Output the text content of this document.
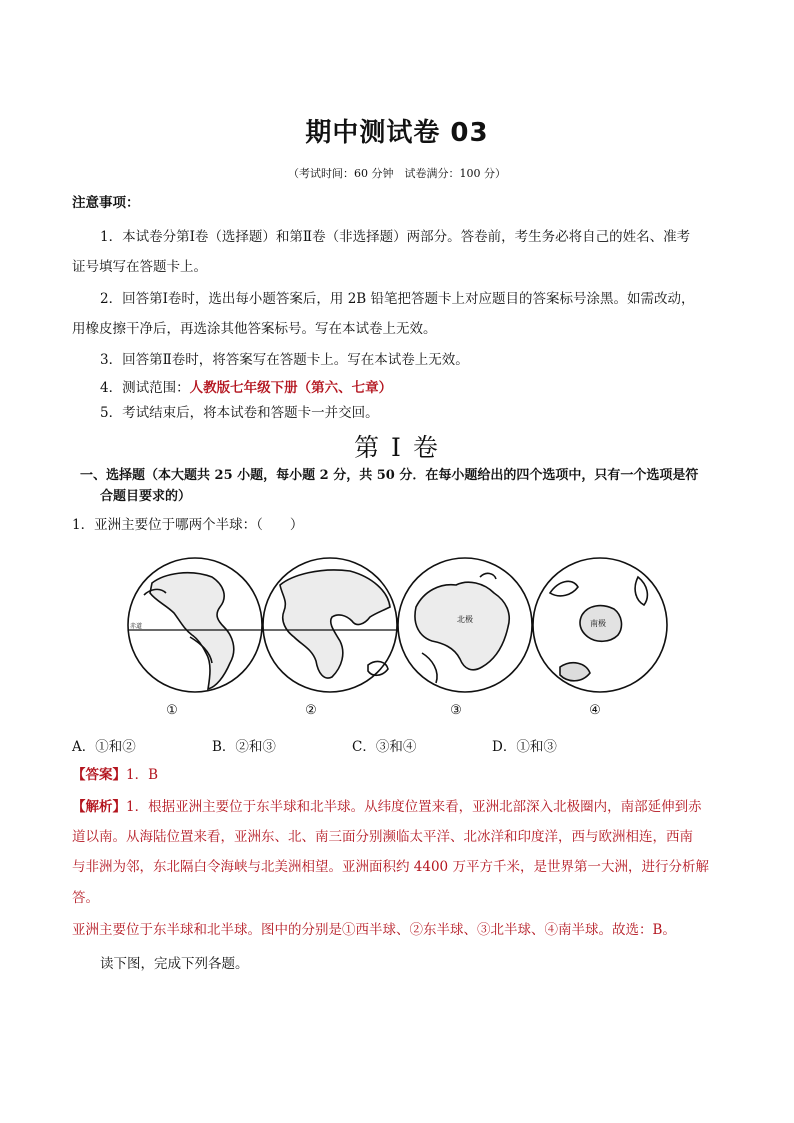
期中测试卷 03
（考试时间：60 分钟　试卷满分：100 分）
注意事项：
1．本试卷分第Ⅰ卷（选择题）和第Ⅱ卷（非选择题）两部分。答卷前，考生务必将自己的姓名、准考
证号填写在答题卡上。
2．回答第Ⅰ卷时，选出每小题答案后，用 2B 铅笔把答题卡上对应题目的答案标号涂黑。如需改动，
用橡皮擦干净后，再选涂其他答案标号。写在本试卷上无效。
3．回答第Ⅱ卷时，将答案写在答题卡上。写在本试卷上无效。
4．测试范围：人教版七年级下册（第六、七章）
5．考试结束后，将本试卷和答题卡一并交回。
第 I 卷
一、选择题（本大题共 25 小题，每小题 2 分，共 50 分．在每小题给出的四个选项中，只有一个选项是符
合题目要求的）
1．亚洲主要位于哪两个半球：（　　）
赤道
北极	南极
①	②	③	④
A．①和②	B．②和③	C．③和④	D．①和③
【答案】1．B
【解析】1．根据亚洲主要位于东半球和北半球。从纬度位置来看，亚洲北部深入北极圈内，南部延伸到赤
道以南。从海陆位置来看，亚洲东、北、南三面分别濒临太平洋、北冰洋和印度洋，西与欧洲相连，西南
与非洲为邻，东北隔白令海峡与北美洲相望。亚洲面积约 4400 万平方千米，是世界第一大洲，进行分析解
答。
亚洲主要位于东半球和北半球。图中的分别是①西半球、②东半球、③北半球、④南半球。故选：B。
读下图，完成下列各题。
